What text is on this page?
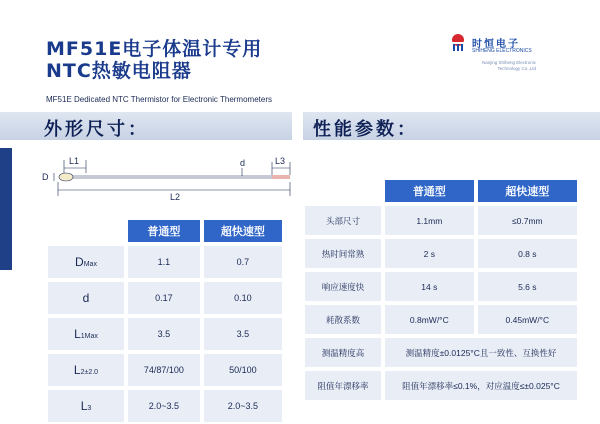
MF51E电子体温计专用
NTC热敏电阻器
MF51E Dedicated NTC Thermistor for Electronic Thermometers
时恒电子
SHIHENG ELECTRONICS
Nanjing Shiheng Electronic
Technology Co.,Ltd
外形尺寸：	性能参数：
L1	d	L3
D
L2
	普通型	超快速型
DMax	1.1	0.7
d	0.17	0.10
L1Max	3.5	3.5
L2±2.0	74/87/100	50/100
L3	2.0~3.5	2.0~3.5
	普通型	超快速型
头部尺寸	1.1mm	≤0.7mm
热时间常熟	2 s	0.8 s
响应速度快	14 s	5.6 s
耗散系数	0.8mW/°C	0.45mW/°C
测温精度高	测温精度±0.0125°C且一致性、互换性好	
阻值年漂移率	阻值年漂移率≤0.1%，对应温度≤±0.025°C	
